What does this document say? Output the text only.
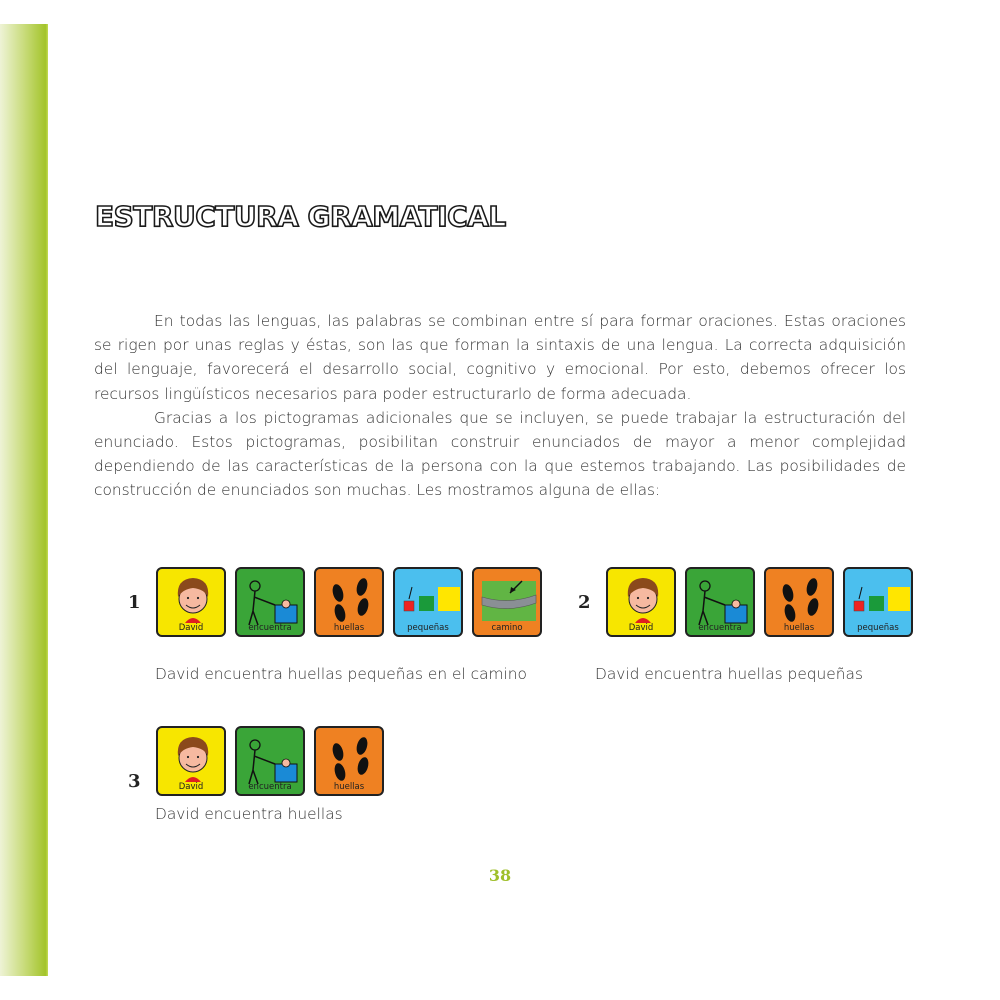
ESTRUCTURA GRAMATICAL

En todas las lenguas, las palabras se combinan entre sí para formar oraciones. Estas oraciones se rigen por unas reglas y éstas, son las que forman la sintaxis de una lengua. La correcta adquisición del lenguaje, favorecerá el desarrollo social, cognitivo y emocional. Por esto, debemos ofrecer los recursos lingüísticos necesarios para poder estructurarlo de forma adecuada.

Gracias a los pictogramas adicionales que se incluyen, se puede trabajar la estructuración del enunciado. Estos pictogramas, posibilitan construir enunciados de mayor a menor complejidad dependiendo de las características de la persona con la que estemos trabajando. Las posibilidades de construcción de enunciados son muchas. Les mostramos alguna de ellas:

1
David	encuentra	huellas	pequeñas	camino
David encuentra huellas pequeñas en el camino
2
David	encuentra	huellas	pequeñas
David encuentra huellas pequeñas
3	David	encuentra	huellas
David encuentra huellas
38
